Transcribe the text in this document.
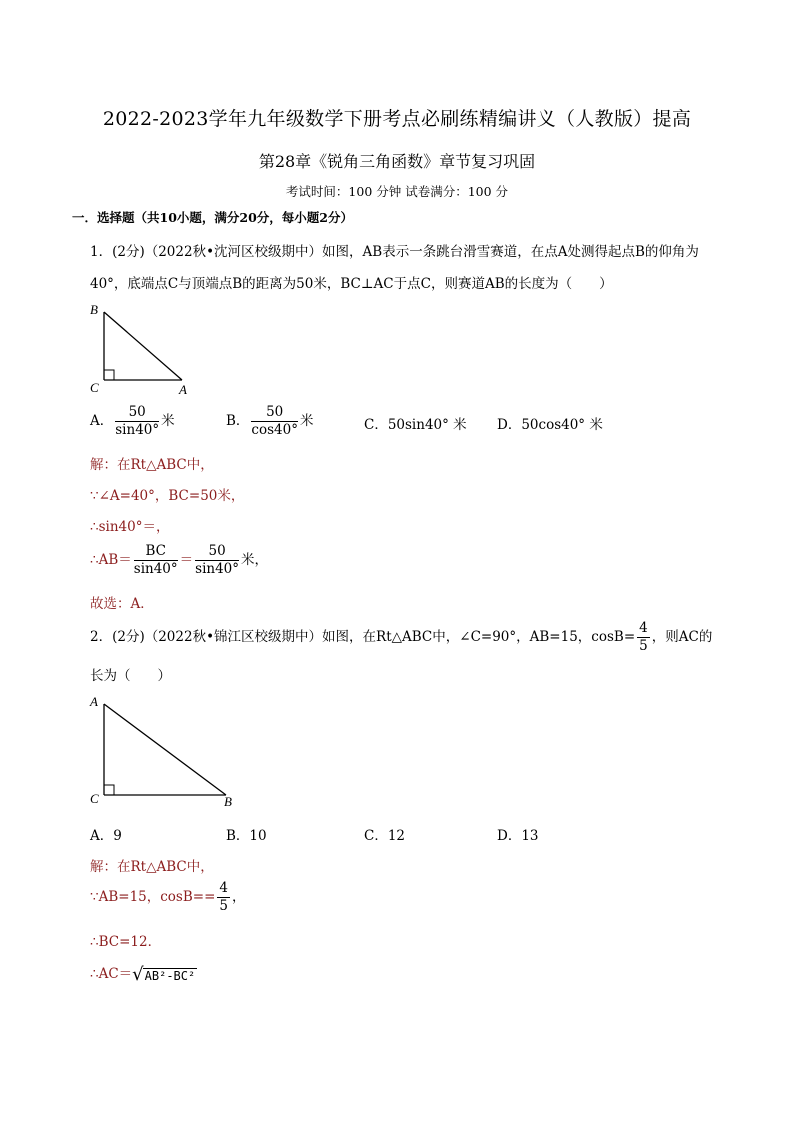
2022-2023学年九年级数学下册考点必刷练精编讲义（人教版）提高
第28章《锐角三角函数》章节复习巩固
考试时间：100 分钟 试卷满分：100 分
一．选择题（共10小题，满分20分，每小题2分）
1．(2分)（2022秋•沈河区校级期中）如图，AB表示一条跳台滑雪赛道，在点A处测得起点B的仰角为
40°，底端点C与顶端点B的距离为50米，BC⊥AC于点C，则赛道AB的长度为（　　）
B
C	A
A． $\frac{50}{\sin 40^\circ}$ 米	B． $\frac{50}{\cos 40^\circ}$ 米	C．50sin40° 米 D．50cos40° 米
解：在Rt△ABC中，
∵∠A=40°，BC=50米，
∴sin40°＝，
∴AB＝ $\frac{BC}{\sin 40^\circ} = \frac{50}{\sin 40^\circ}$ 米，
故选：A．
2．(2分)（2022秋•锦江区校级期中）如图，在Rt△ABC中，∠C=90°，AB=15，$\cos B= \frac{4}{5}$ ，则AC的
长为（　　）
A
C	B
A．9	B．10	C．12	D．13
解：在Rt△ABC中，
∵AB=15，$\cos B== \frac{4}{5}$ ，
∴BC=12．
∴AC＝√AB²-BC²
